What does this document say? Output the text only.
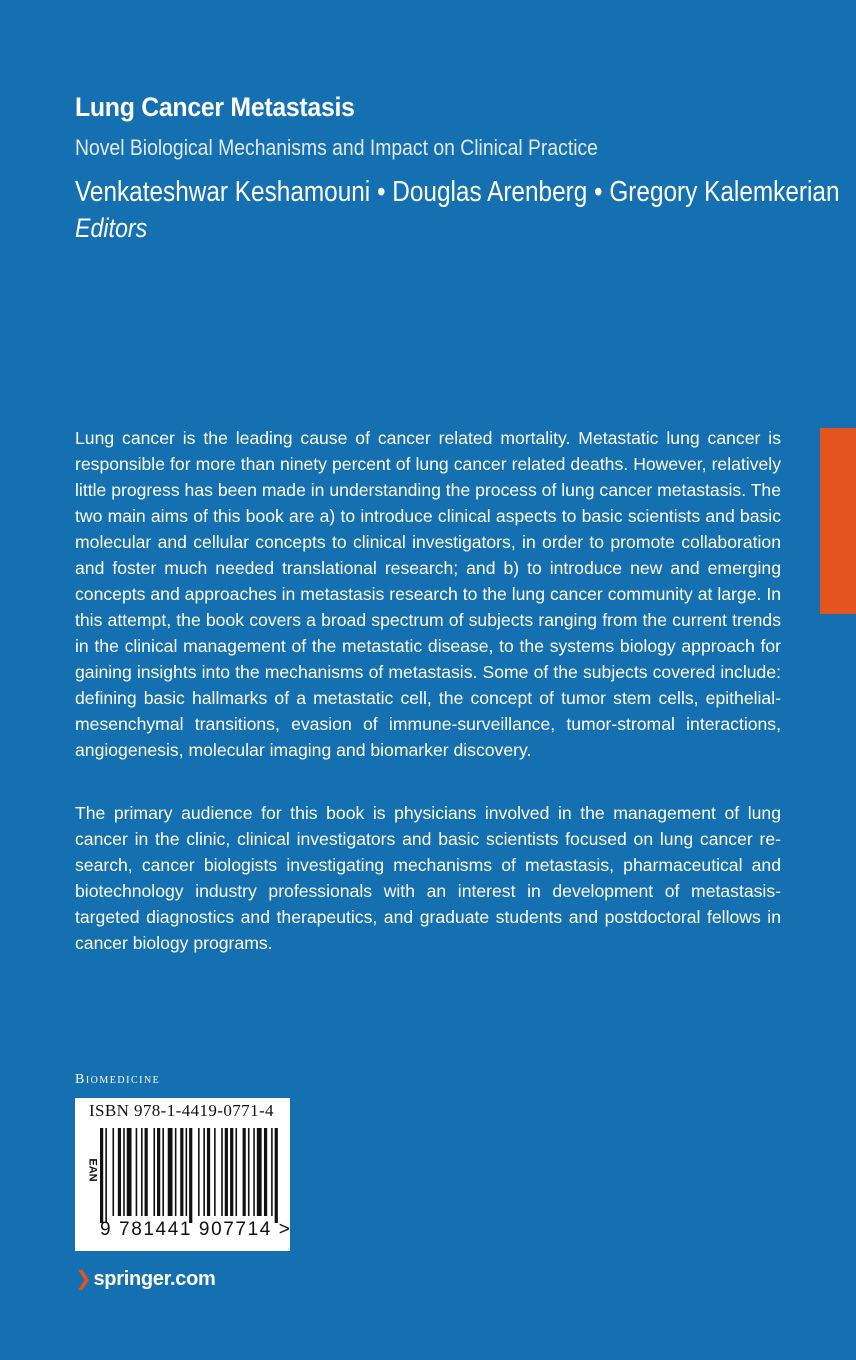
Lung Cancer Metastasis
Novel Biological Mechanisms and Impact on Clinical Practice
Venkateshwar Keshamouni • Douglas Arenberg • Gregory Kalemkerian
Editors
Lung cancer is the leading cause of cancer related mortality. Metastatic lung cancer is responsible for more than ninety percent of lung cancer related deaths. However, relatively little progress has been made in understanding the process of lung cancer metastasis. The two main aims of this book are a) to introduce clinical aspects to basic scientists and basic molecular and cellular concepts to clinical investigators, in order to promote collaboration and foster much needed translational research; and b) to introduce new and emerging concepts and approaches in metastasis research to the lung cancer community at large. In this attempt, the book covers a broad spectrum of subjects ranging from the current trends in the clinical management of the metastatic disease, to the systems biology approach for gaining insights into the mechanisms of metastasis. Some of the subjects covered include: defining basic hallmarks of a metastatic cell, the concept of tumor stem cells, epithelial-mesenchymal transitions, evasion of immune-surveillance, tumor-stromal interactions, angiogenesis, molecular imaging and biomarker discovery.
The primary audience for this book is physicians involved in the management of lung cancer in the clinic, clinical investigators and basic scientists focused on lung cancer research, cancer biologists investigating mechanisms of metastasis, pharmaceutical and biotechnology industry professionals with an interest in development of metastasis-targeted diagnostics and therapeutics, and graduate students and postdoctoral fellows in cancer biology programs.
Biomedicine
ISBN 978-1-4419-0771-4
EAN
9 781441 907714 >
❯ springer.com
